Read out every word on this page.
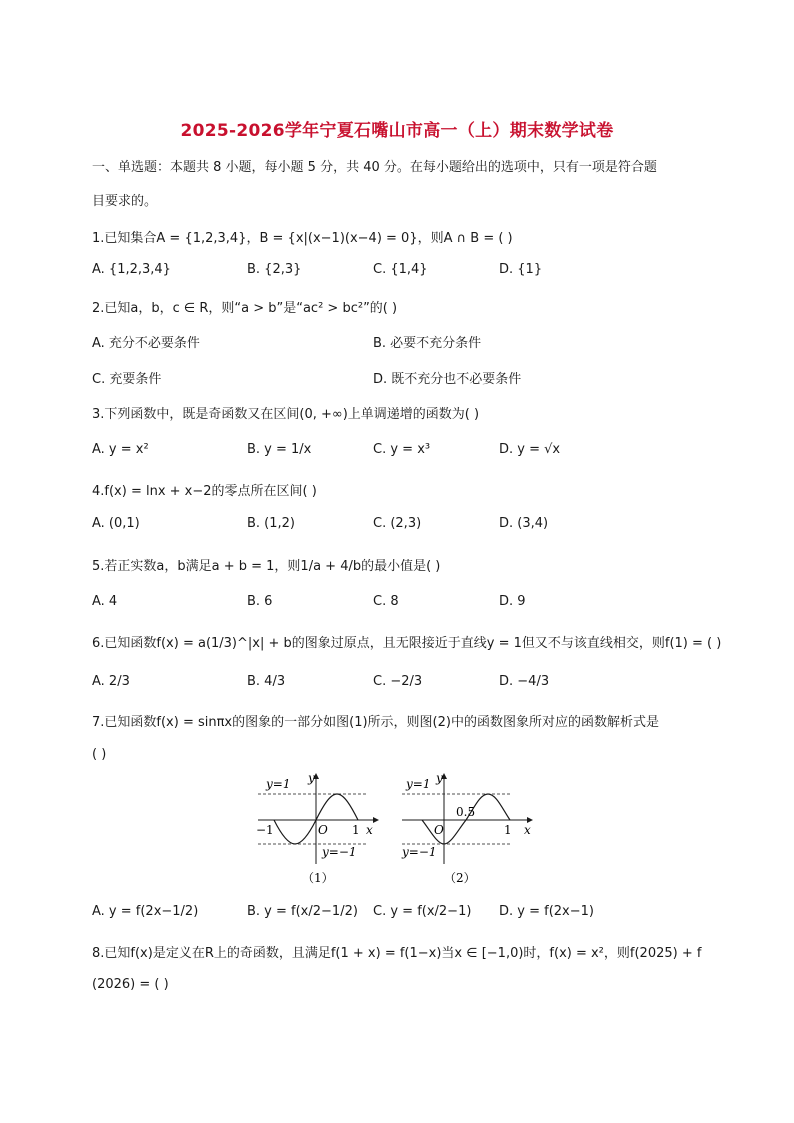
2025-2026学年宁夏石嘴山市高一（上）期末数学试卷
一、单选题：本题共 8 小题，每小题 5 分，共 40 分。在每小题给出的选项中，只有一项是符合题
目要求的。
1.已知集合A = {1,2,3,4}，B = {x|(x−1)(x−4) = 0}，则A ∩ B = ( )
A. {1,2,3,4}	B. {2,3}	C. {1,4}	D. {1}
2.已知a，b，c ∈ R，则“a > b”是“ac² > bc²”的( )
A. 充分不必要条件	B. 必要不充分条件
C. 充要条件	D. 既不充分也不必要条件
3.下列函数中，既是奇函数又在区间(0, +∞)上单调递增的函数为( )
A. y = x²	B. y = 1/x	C. y = x³	D. y = √x
4.f(x) = lnx + x−2的零点所在区间( )
A. (0,1)	B. (1,2)	C. (2,3)	D. (3,4)
5.若正实数a，b满足a + b = 1，则1/a + 4/b的最小值是( )
A. 4	B. 6	C. 8	D. 9
6.已知函数f(x) = a(1/3)^|x| + b的图象过原点，且无限接近于直线y = 1但又不与该直线相交，则f(1) = ( )
A. 2/3	B. 4/3	C. −2/3	D. −4/3
7.已知函数f(x) = sinπx的图象的一部分如图(1)所示，则图(2)中的函数图象所对应的函数解析式是
( )
y=1
y=−1
y
x
O
−1	1
（1）
y=1
y=−1
y
x
O
0.5
1
（2）
A. y = f(2x−1/2)	B. y = f(x/2−1/2) C. y = f(x/2−1) D. y = f(2x−1)
8.已知f(x)是定义在R上的奇函数，且满足f(1 + x) = f(1−x)当x ∈ [−1,0)时，f(x) = x²，则f(2025) + f
(2026) = ( )
